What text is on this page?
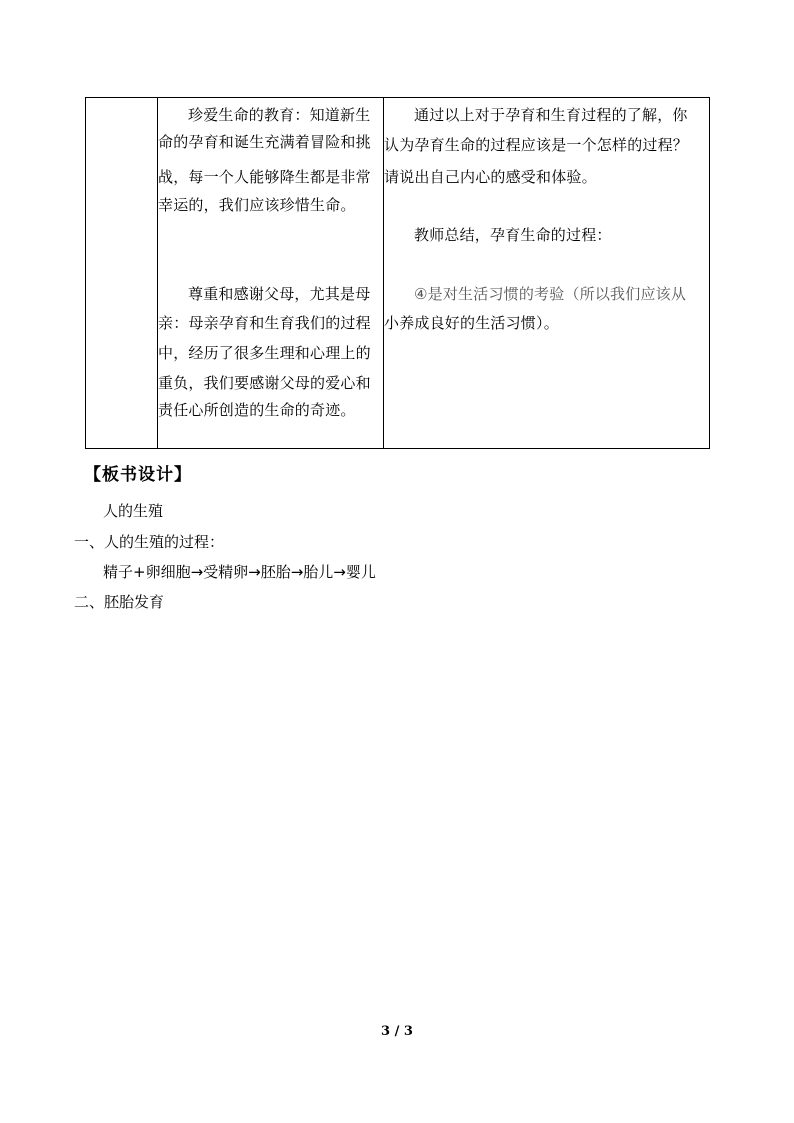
珍爱生命的教育：知道新生
命的孕育和诞生充满着冒险和挑
战，每一个人能够降生都是非常
幸运的，我们应该珍惜生命。
尊重和感谢父母，尤其是母
亲：母亲孕育和生育我们的过程
中，经历了很多生理和心理上的
重负，我们要感谢父母的爱心和
责任心所创造的生命的奇迹。
通过以上对于孕育和生育过程的了解，你
认为孕育生命的过程应该是一个怎样的过程？
请说出自己内心的感受和体验。
教师总结，孕育生命的过程：
④是对生活习惯的考验（所以我们应该从
小养成良好的生活习惯）。
【板书设计】
人的生殖
一、人的生殖的过程：
精子+卵细胞→受精卵→胚胎→胎儿→婴儿
二、胚胎发育
3 / 3
